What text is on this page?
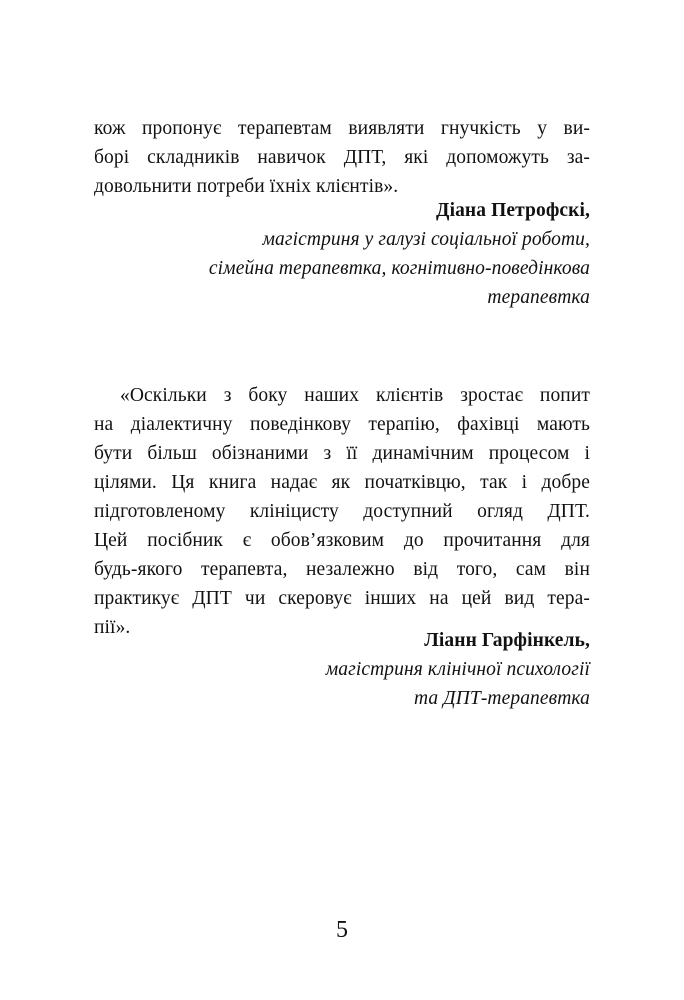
кож пропонує терапевтам виявляти гнучкість у ви-
борі складників навичок ДПТ, які допоможуть за-
довольнити потреби їхніх клієнтів».
Діана Петрофскі,
магістриня у галузі соціальної роботи,
сімейна терапевтка, когнітивно-поведінкова
терапевтка
«Оскільки з боку наших клієнтів зростає попит
на діалектичну поведінкову терапію, фахівці мають
бути більш обізнаними з її динамічним процесом і
цілями. Ця книга надає як початківцю, так і добре
підготовленому клініцисту доступний огляд ДПТ.
Цей посібник є обов’язковим до прочитання для
будь-якого терапевта, незалежно від того, сам він
практикує ДПТ чи скеровує інших на цей вид тера-
пії».
Ліанн Гарфінкель,
магістриня клінічної психології
та ДПТ-терапевтка
5
